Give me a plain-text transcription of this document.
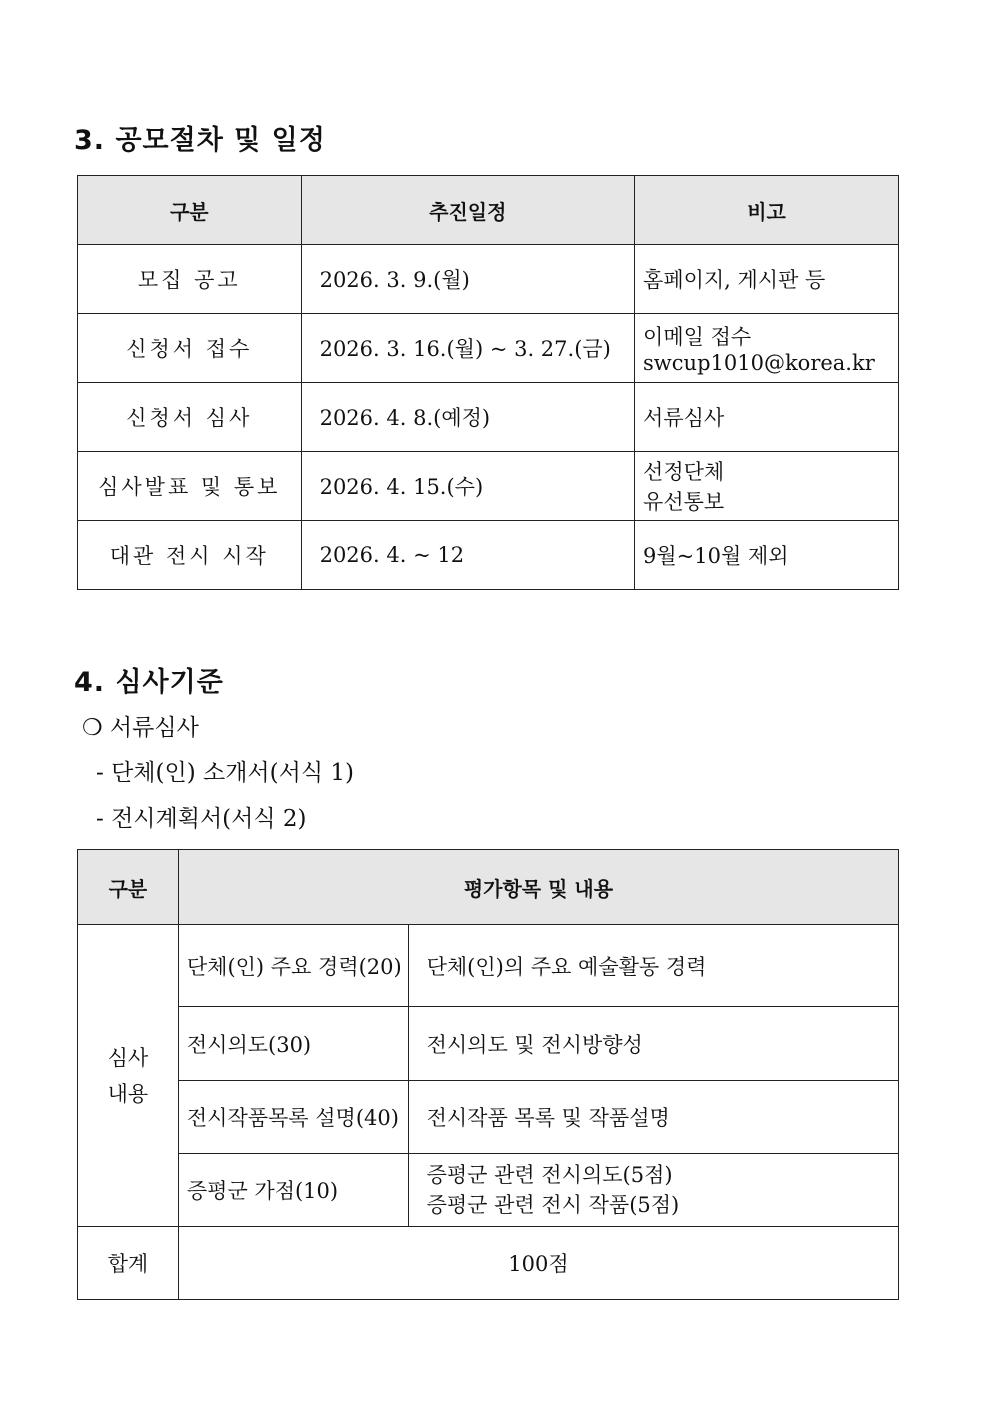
3. 공모절차 및 일정
구분	추진일정	비고
모집 공고	2026. 3. 9.(월)	홈페이지, 게시판 등

신청서 접수	2026. 3. 16.(월) ~ 3. 27.(금)	이메일 접수
swcup1010@korea.kr

신청서 심사	2026. 4. 8.(예정)	서류심사

심사발표 및 통보	2026. 4. 15.(수)	선정단체
유선통보

대관 전시 시작	2026. 4. ~ 12	9월~10월 제외
4. 심사기준

❍ 서류심사

- 단체(인) 소개서(서식 1)

- 전시계획서(서식 2)

구분	평가항목 및 내용	

심사
내용	단체(인) 주요 경력(20)	단체(인)의 주요 예술활동 경력

	전시의도(30)	전시의도 및 전시방향성

	전시작품목록 설명(40)	전시작품 목록 및 작품설명

	증평군 가점(10)	증평군 관련 전시의도(5점)
증평군 관련 전시 작품(5점)

합계	100점	
